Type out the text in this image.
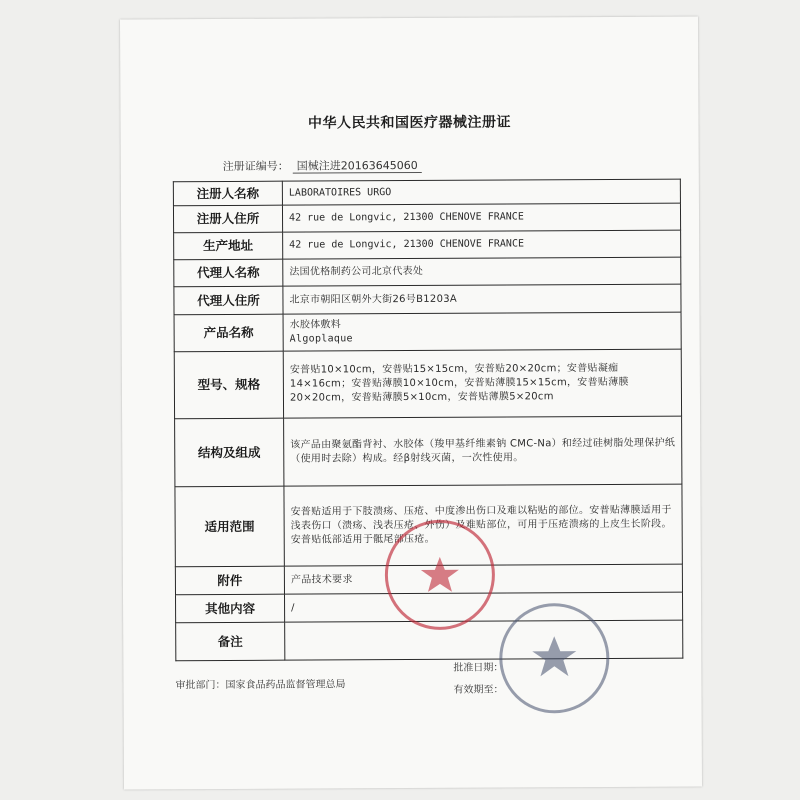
中华人民共和国医疗器械注册证
注册证编号： 国械注进20163645060
注册人名称	LABORATOIRES URGO
注册人住所	42 rue de Longvic, 21300 CHENOVE FRANCE
生产地址	42 rue de Longvic, 21300 CHENOVE FRANCE
代理人名称	法国优格制药公司北京代表处
代理人住所	北京市朝阳区朝外大街26号B1203A
产品名称	水胶体敷料
Algoplaque

型号、规格	安普贴10×10cm，安普贴15×15cm，安普贴20×20cm；安普贴凝痂14×16cm；安普贴薄膜10×10cm，安普贴薄膜15×15cm，安普贴薄膜20×20cm，安普贴薄膜5×10cm，安普贴薄膜5×20cm
结构及组成	该产品由聚氨酯背衬、水胶体（羧甲基纤维素钠 CMC-Na）和经过硅树脂处理保护纸（使用时去除）构成。经β射线灭菌，一次性使用。
适用范围	安普贴适用于下肢溃疡、压疮、中度渗出伤口及难以粘贴的部位。安普贴薄膜适用于浅表伤口（溃疡、浅表压疮、外伤）及难贴部位，可用于压疮溃疡的上皮生长阶段。安普贴低部适用于骶尾部压疮。
附件	产品技术要求
其他内容	/
备注	
审批部门：国家食品药品监督管理总局
批准日期：
有效期至：
